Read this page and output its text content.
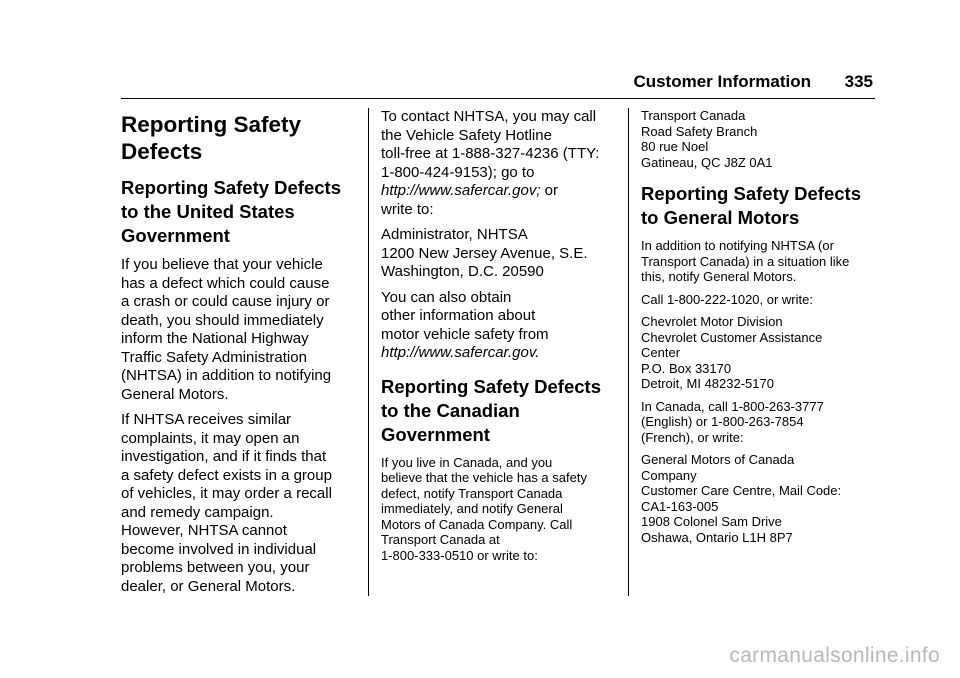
Customer Information 335
Reporting Safety
Defects
Reporting Safety Defects
to the United States
Government

If you believe that your vehicle
has a defect which could cause
a crash or could cause injury or
death, you should immediately
inform the National Highway
Traffic Safety Administration
(NHTSA) in addition to notifying
General Motors.

If NHTSA receives similar
complaints, it may open an
investigation, and if it finds that
a safety defect exists in a group
of vehicles, it may order a recall
and remedy campaign.
However, NHTSA cannot
become involved in individual
problems between you, your
dealer, or General Motors.

To contact NHTSA, you may call
the Vehicle Safety Hotline
toll-free at 1-888-327-4236 (TTY:
1-800-424-9153); go to
http://www.safercar.gov; or
write to:

Administrator, NHTSA
1200 New Jersey Avenue, S.E.
Washington, D.C. 20590

You can also obtain
other information about
motor vehicle safety from
http://www.safercar.gov.

Reporting Safety Defects
to the Canadian
Government

If you live in Canada, and you
believe that the vehicle has a safety
defect, notify Transport Canada
immediately, and notify General
Motors of Canada Company. Call
Transport Canada at
1-800-333-0510 or write to:

Transport Canada
Road Safety Branch
80 rue Noel
Gatineau, QC J8Z 0A1

Reporting Safety Defects
to General Motors

In addition to notifying NHTSA (or
Transport Canada) in a situation like
this, notify General Motors.

Call 1-800-222-1020, or write:

Chevrolet Motor Division
Chevrolet Customer Assistance
Center
P.O. Box 33170
Detroit, MI 48232-5170

In Canada, call 1-800-263-3777
(English) or 1-800-263-7854
(French), or write:

General Motors of Canada
Company
Customer Care Centre, Mail Code:
CA1-163-005
1908 Colonel Sam Drive
Oshawa, Ontario L1H 8P7

carmanualsonline.info
